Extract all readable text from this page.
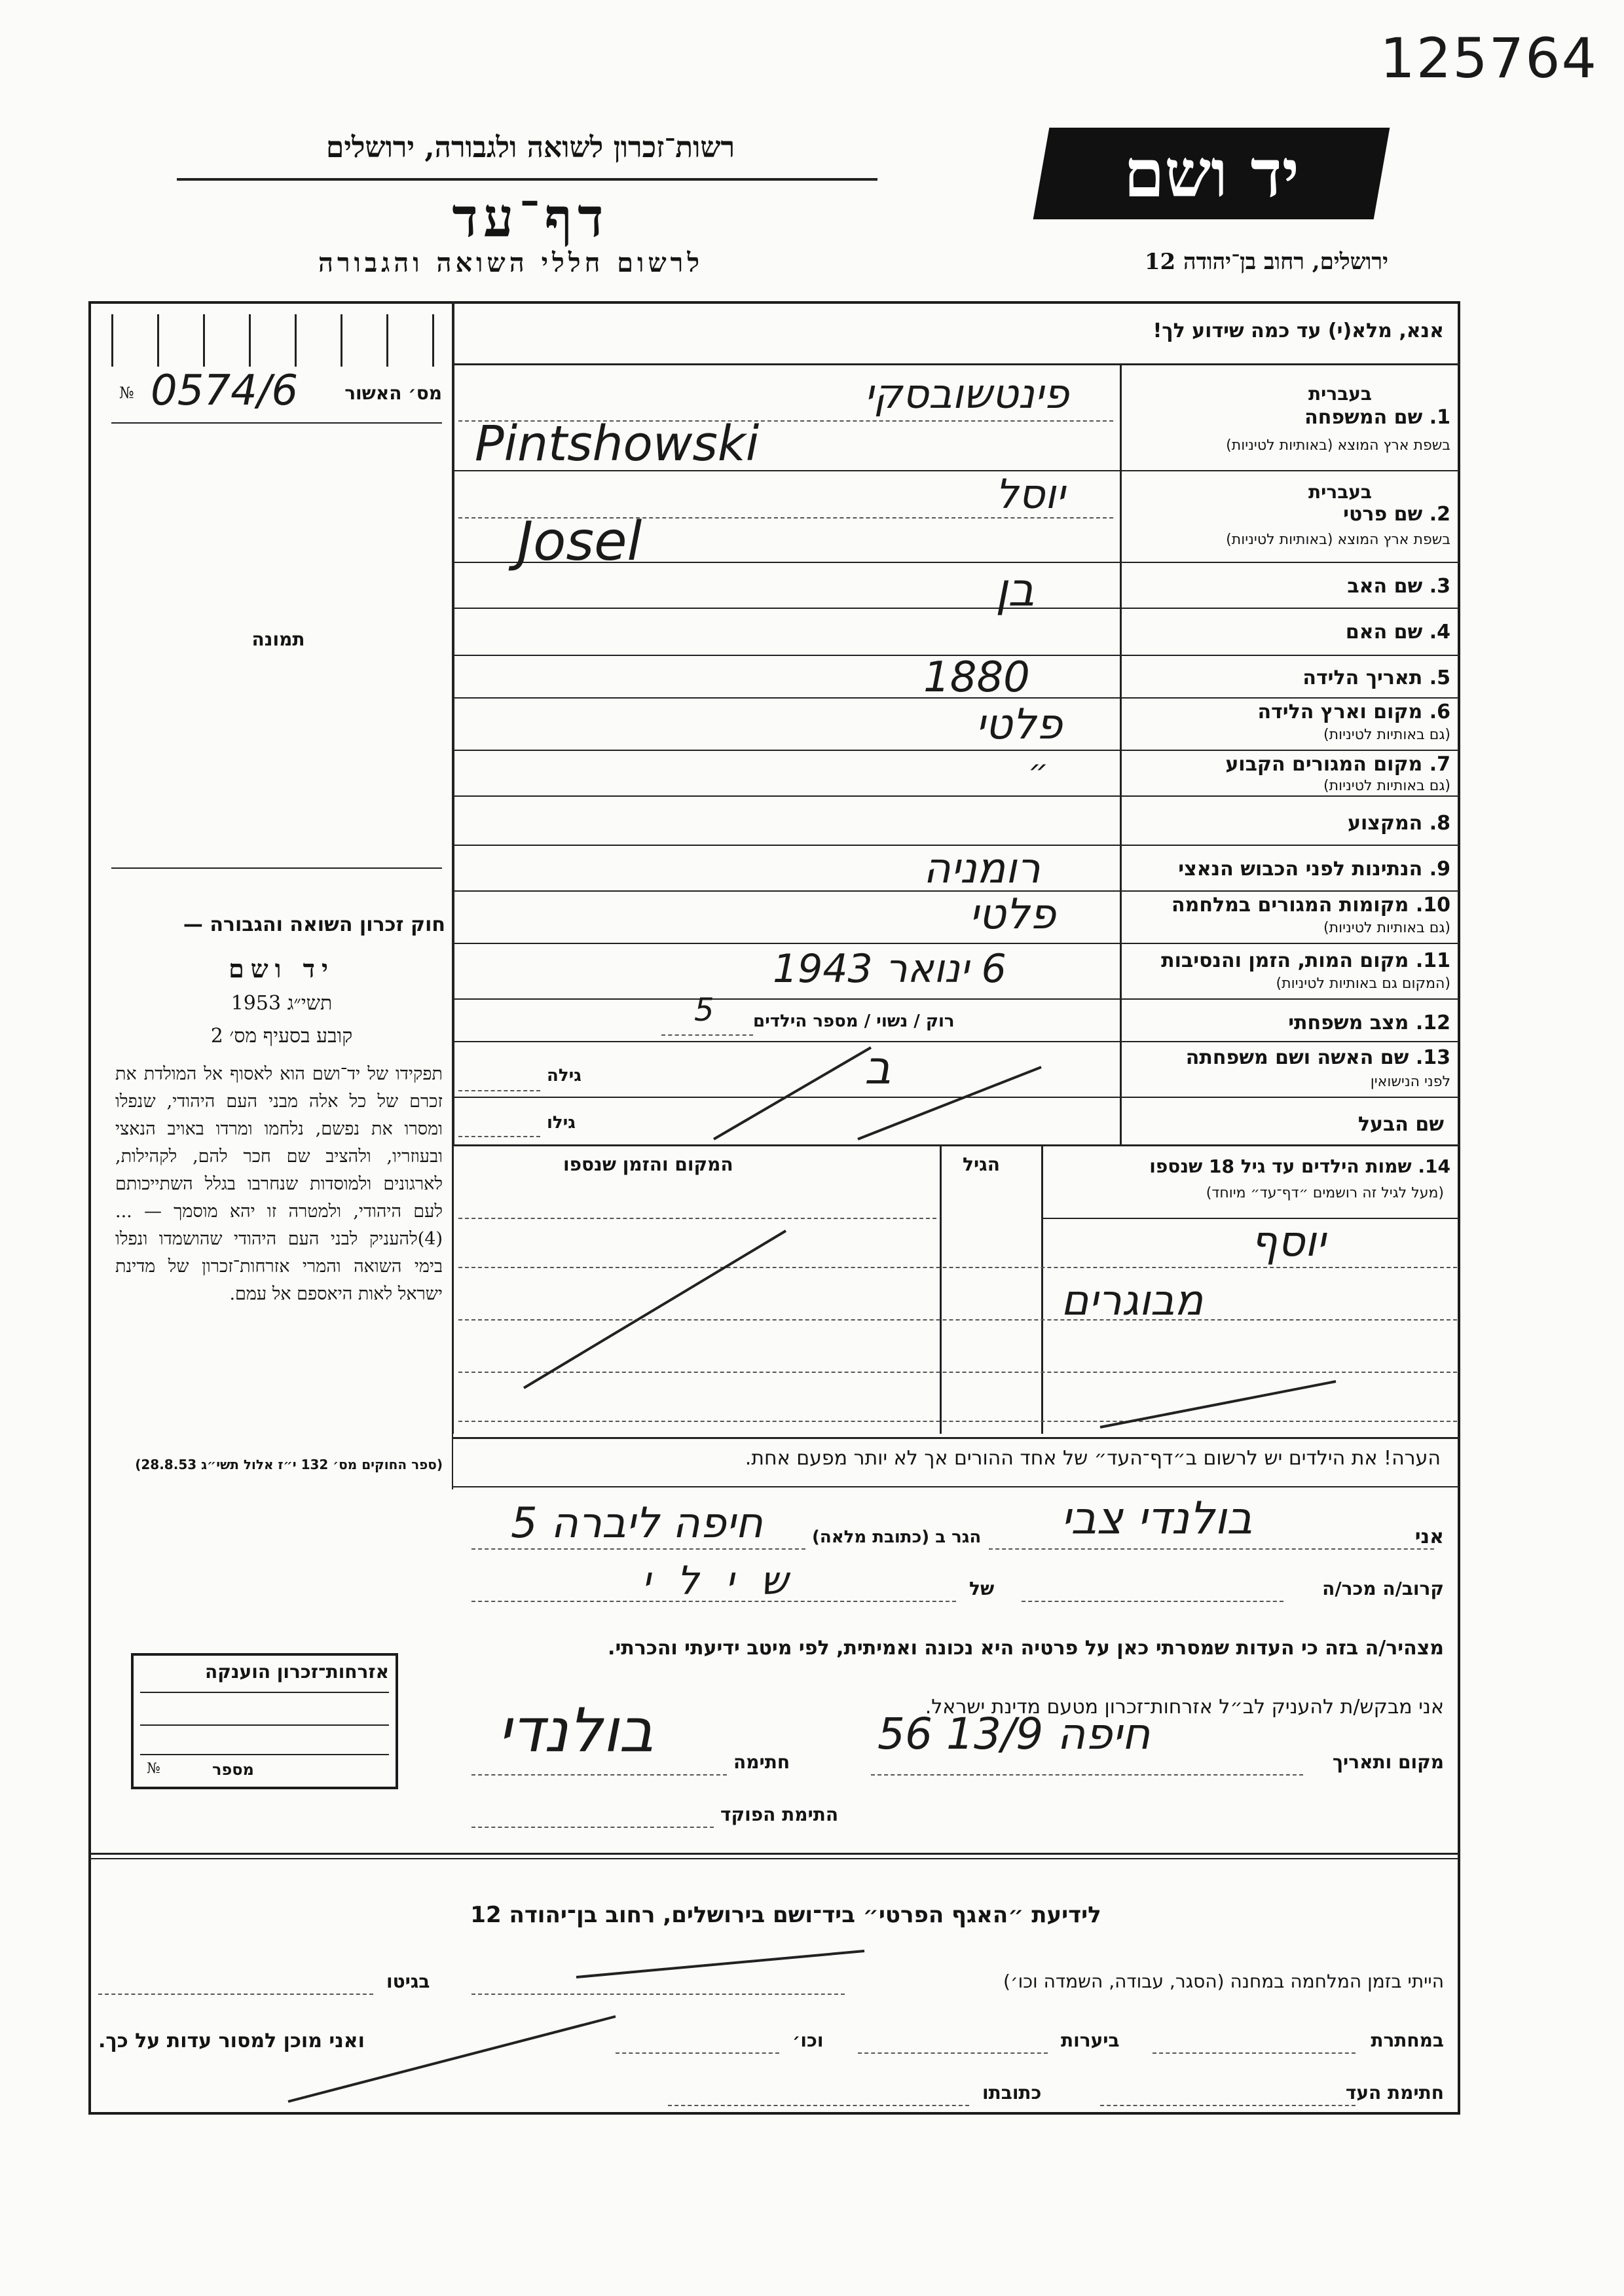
125764
רשות־זכרון לשואה ולגבורה, ירושלים
דף־עד
לרשום חללי השואה והגבורה
יד ושם
ירושלים, רחוב בן־יהודה 12
אנא, מלא(י) עד כמה שידוע לך!
№ 0574/6	מס׳ האשור
תמונה
בעברית
1. שם המשפחה
בשפת ארץ המוצא (באותיות לטיניות)
פינטשובסקי
Pintshowski
בעברית
2. שם פרטי
בשפת ארץ המוצא (באותיות לטיניות)
יוסל
Josel
3. שם האב
בן
4. שם האם
5. תאריך הלידה
1880
6. מקום וארץ הלידה
(גם באותיות לטיניות)
פלטי
7. מקום המגורים הקבוע
(גם באותיות לטיניות)
״
8. המקצוע
9. הנתינות לפני הכבוש הנאצי
רומניה
10. מקומות המגורים במלחמה
(גם באותיות לטיניות)
פלטי
11. מקום המות, הזמן והנסיבות
(המקום גם באותיות לטיניות)
6 ינואר 1943
12. מצב משפחתי
רוק / נשוי / מספר הילדים
5
13. שם האשה ושם משפחתה
לפני הנישואין
גילה	ב
שם הבעל
גילו
חוק זכרון השואה והגבורה —
יד ושם
תשי״ג 1953
קובע בסעיף מס׳ 2
תפקידו של יד־ושם הוא לאסוף אל המולדת את זכרם של כל אלה מבני העם היהודי, שנפלו ומסרו את נפשם, נלחמו ומרדו באויב הנאצי ובעוזריו, ולהציב שם חכר להם, לקהילות, לארגונים ולמוסדות שנחרבו בגלל השתייכותם לעם היהודי, ולמטרה זו יהא מוסמך — ...(4)להעניק לבני העם היהודי שהושמדו ונפלו בימי השואה והמרי אזרחות־זכרון של מדינת ישראל לאות היאספם אל עמם.
(ספר החוקים מס׳ 132 י״ז אלול תשי״ג 28.8.53)
14. שמות הילדים עד גיל 18 שנספו
(מעל לגיל זה רושמים ״דף־עד״ מיוחד)
הגיל
המקום והזמן שנספו
יוסף
מבוגרים
הערה! את הילדים יש לרשום ב״דף־העד״ של אחד ההורים אך לא יותר מפעם אחת.
אני
בולנדי צבי
הגר ב (כתובת מלאה)
חיפה ליברה 5
קרוב/ה מכר/ה
של
שילי
מצהיר/ה בזה כי העדות שמסרתי כאן על פרטיה היא נכונה ואמיתית, לפי מיטב ידיעתי והכרתי.
אני מבקש/ת להעניק לב״ל אזרחות־זכרון מטעם מדינת ישראל.
מקום ותאריך
חיפה 13/9 56
חתימה
בולנדי
התימת הפוקד
אזרחות־זכרון הוענקה
№	מספר
לידיעת ״האגף הפרטי״ ביד־ושם בירושלים, רחוב בן־יהודה 12
הייתי בזמן המלחמה במחנה (הסגר, עבודה, השמדה וכו׳)
בגיטו
במחתרת
ביערות
וכו׳
ואני מוכן למסור עדות על כך.
חתימת העד
כתובתו
